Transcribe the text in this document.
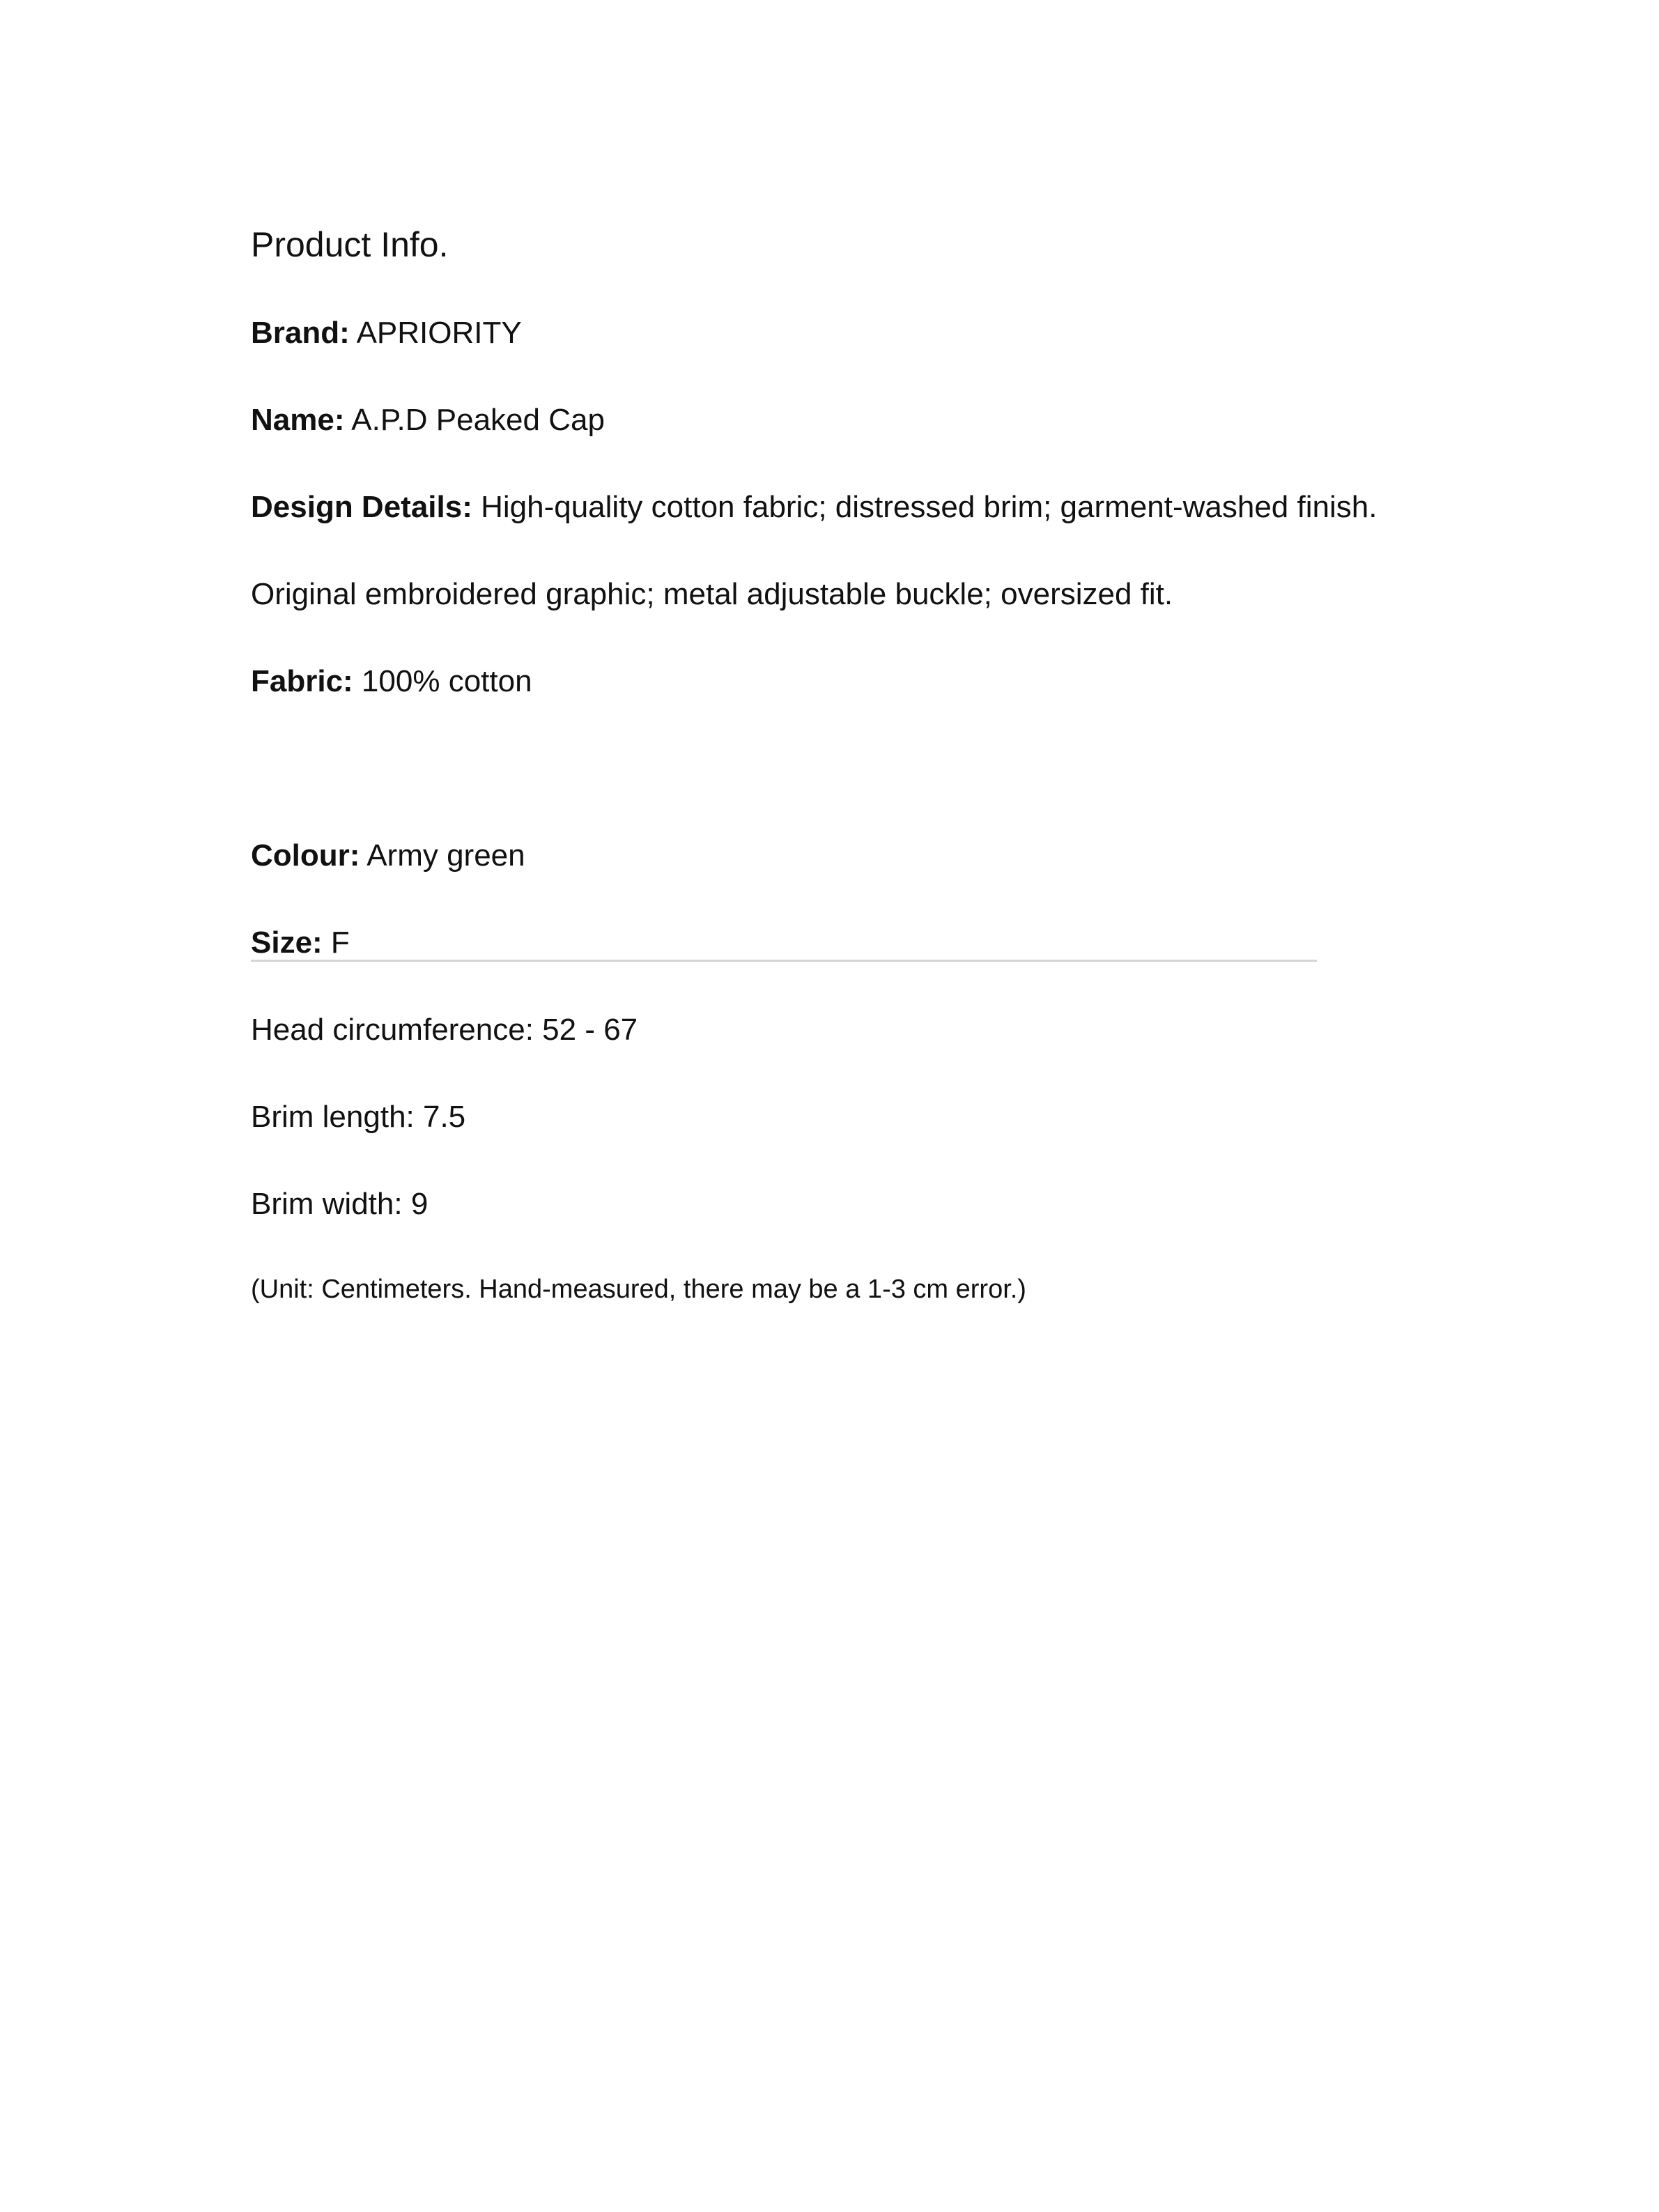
Product Info.
Brand: APRIORITY
Name: A.P.D Peaked Cap
Design Details: High-quality cotton fabric; distressed brim; garment-washed finish.
Original embroidered graphic; metal adjustable buckle; oversized fit.
Fabric: 100% cotton
Colour: Army green
Size: F
Head circumference: 52 - 67
Brim length: 7.5
Brim width: 9
(Unit: Centimeters. Hand-measured, there may be a 1-3 cm error.)
